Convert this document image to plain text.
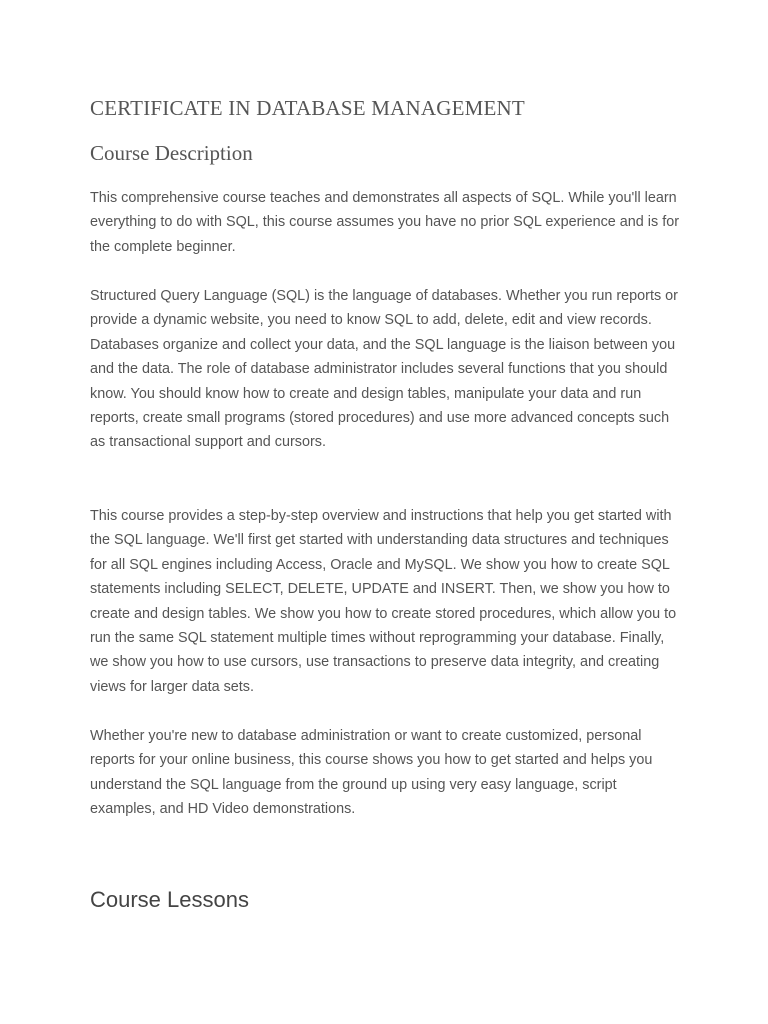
CERTIFICATE IN DATABASE MANAGEMENT
Course Description

This comprehensive course teaches and demonstrates all aspects of SQL. While you'll learn everything to do with SQL, this course assumes you have no prior SQL experience and is for the complete beginner.

Structured Query Language (SQL) is the language of databases. Whether you run reports or provide a dynamic website, you need to know SQL to add, delete, edit and view records. Databases organize and collect your data, and the SQL language is the liaison between you and the data. The role of database administrator includes several functions that you should know. You should know how to create and design tables, manipulate your data and run reports, create small programs (stored procedures) and use more advanced concepts such as transactional support and cursors.

This course provides a step-by-step overview and instructions that help you get started with the SQL language. We'll first get started with understanding data structures and techniques for all SQL engines including Access, Oracle and MySQL. We show you how to create SQL statements including SELECT, DELETE, UPDATE and INSERT. Then, we show you how to create and design tables. We show you how to create stored procedures, which allow you to run the same SQL statement multiple times without reprogramming your database. Finally, we show you how to use cursors, use transactions to preserve data integrity, and creating views for larger data sets.

Whether you're new to database administration or want to create customized, personal reports for your online business, this course shows you how to get started and helps you understand the SQL language from the ground up using very easy language, script examples, and HD Video demonstrations.

Course Lessons
